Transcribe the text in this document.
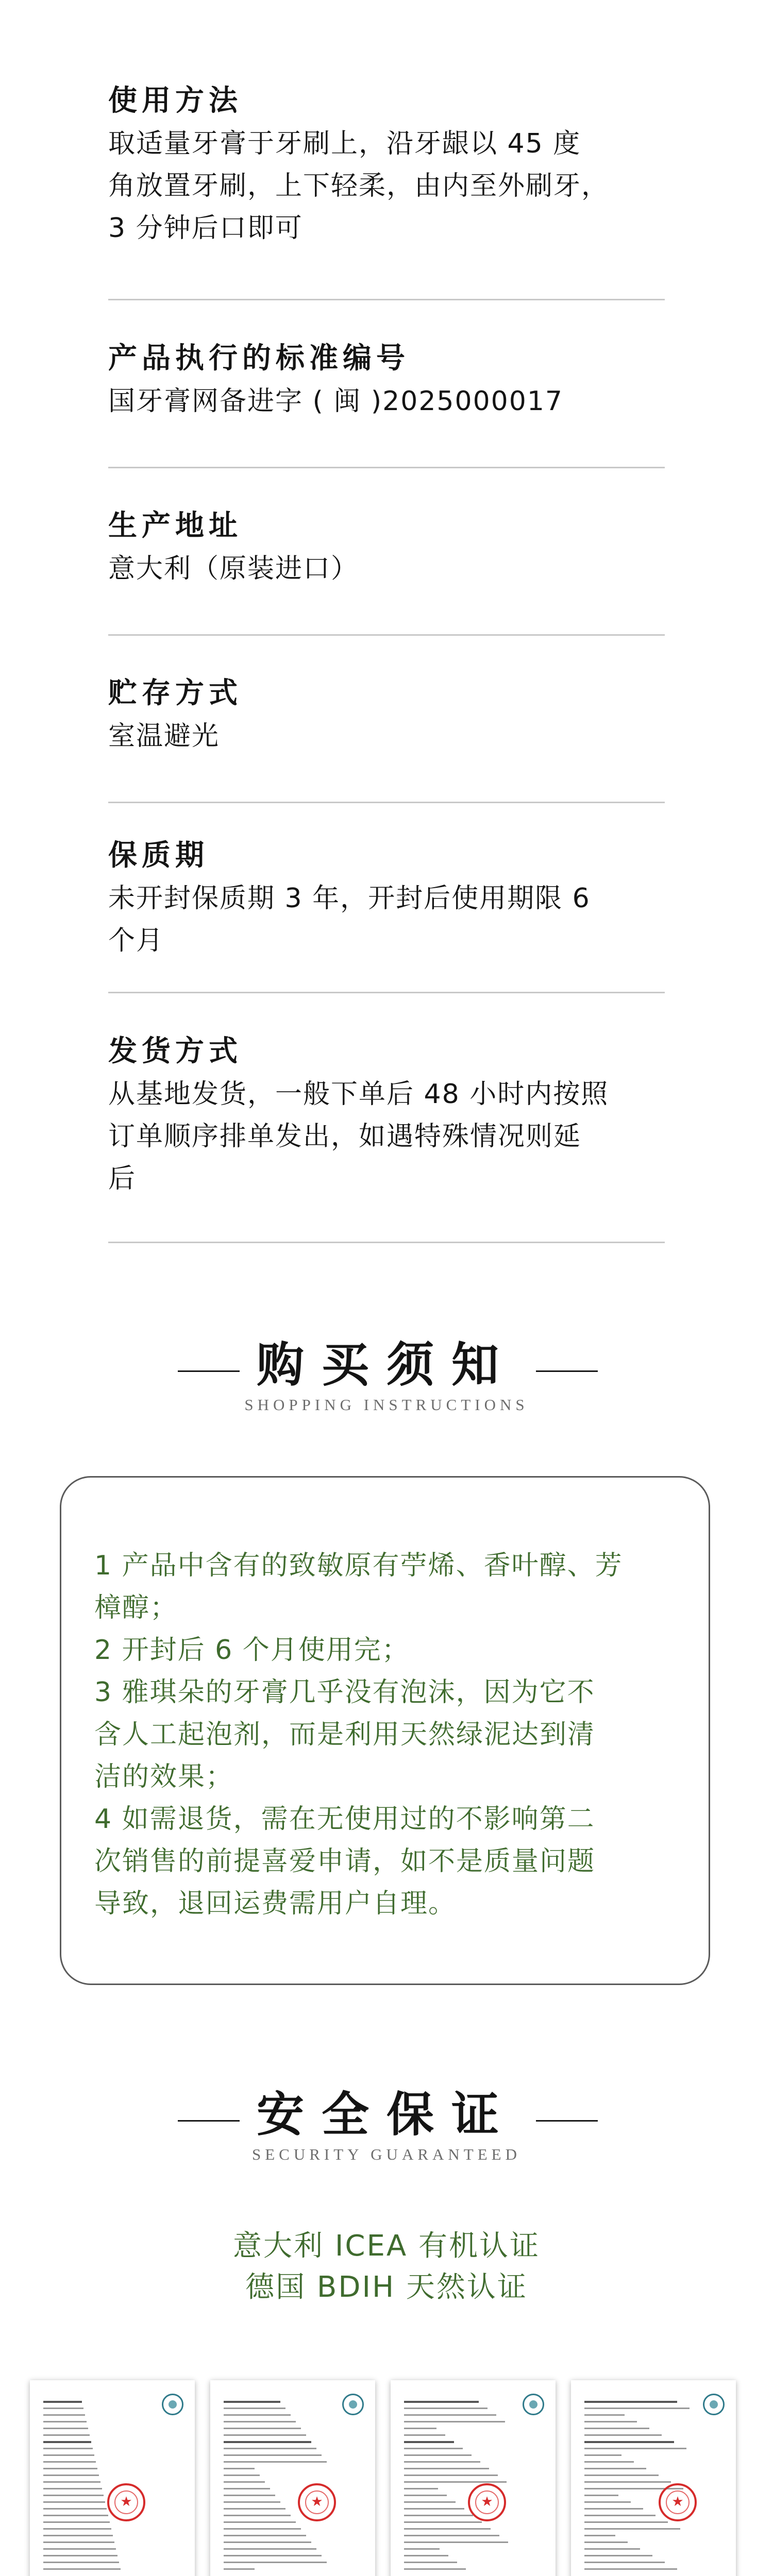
使用方法

取适量牙膏于牙刷上，沿牙龈以 45 度

角放置牙刷，上下轻柔，由内至外刷牙，

3 分钟后口即可

产品执行的标准编号

国牙膏网备进字 ( 闽 )2025000017

生产地址

意大利（原装进口）

贮存方式

室温避光

保质期

未开封保质期 3 年，开封后使用期限 6

个月

发货方式

从基地发货，一般下单后 48 小时内按照

订单顺序排单发出，如遇特殊情况则延

后

购买须知

SHOPPING INSTRUCTIONS

1 产品中含有的致敏原有苧烯、香叶醇、芳

樟醇；

2 开封后 6 个月使用完；

3 雅琪朵的牙膏几乎没有泡沫，因为它不

含人工起泡剂，而是利用天然绿泥达到清

洁的效果；

4 如需退货，需在无使用过的不影响第二

次销售的前提喜爱申请，如不是质量问题

导致，退回运费需用户自理。

安全保证

SECURITY GUARANTEED

意大利 ICEA 有机认证

德国 BDIH 天然认证

★
★
★
★
